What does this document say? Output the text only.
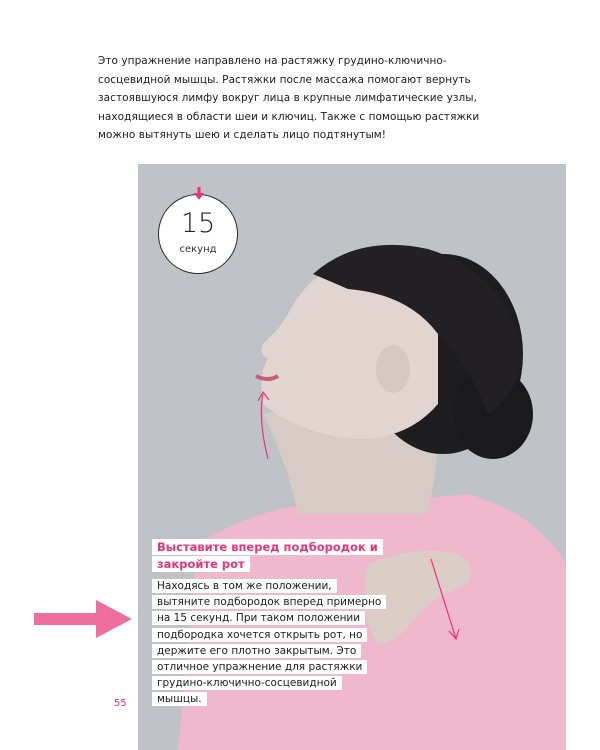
Это упражнение направлено на растяжку грудино-ключично-сосцевидной мышцы. Растяжки после массажа помогают вернуть застоявшуюся лимфу вокруг лица в крупные лимфатические узлы, находящиеся в области шеи и ключиц. Также с помощью растяжки можно вытянуть шею и сделать лицо подтянутым!

15
секунд
Выставите вперед подбородок и закройте рот
Находясь в том же положении, вытяните подбородок вперед примерно на 15 секунд. При таком положении подбородка хочется открыть рот, но держите его плотно закрытым. Это отличное упражнение для растяжки грудино-ключично-сосцевидной мышцы.
55
